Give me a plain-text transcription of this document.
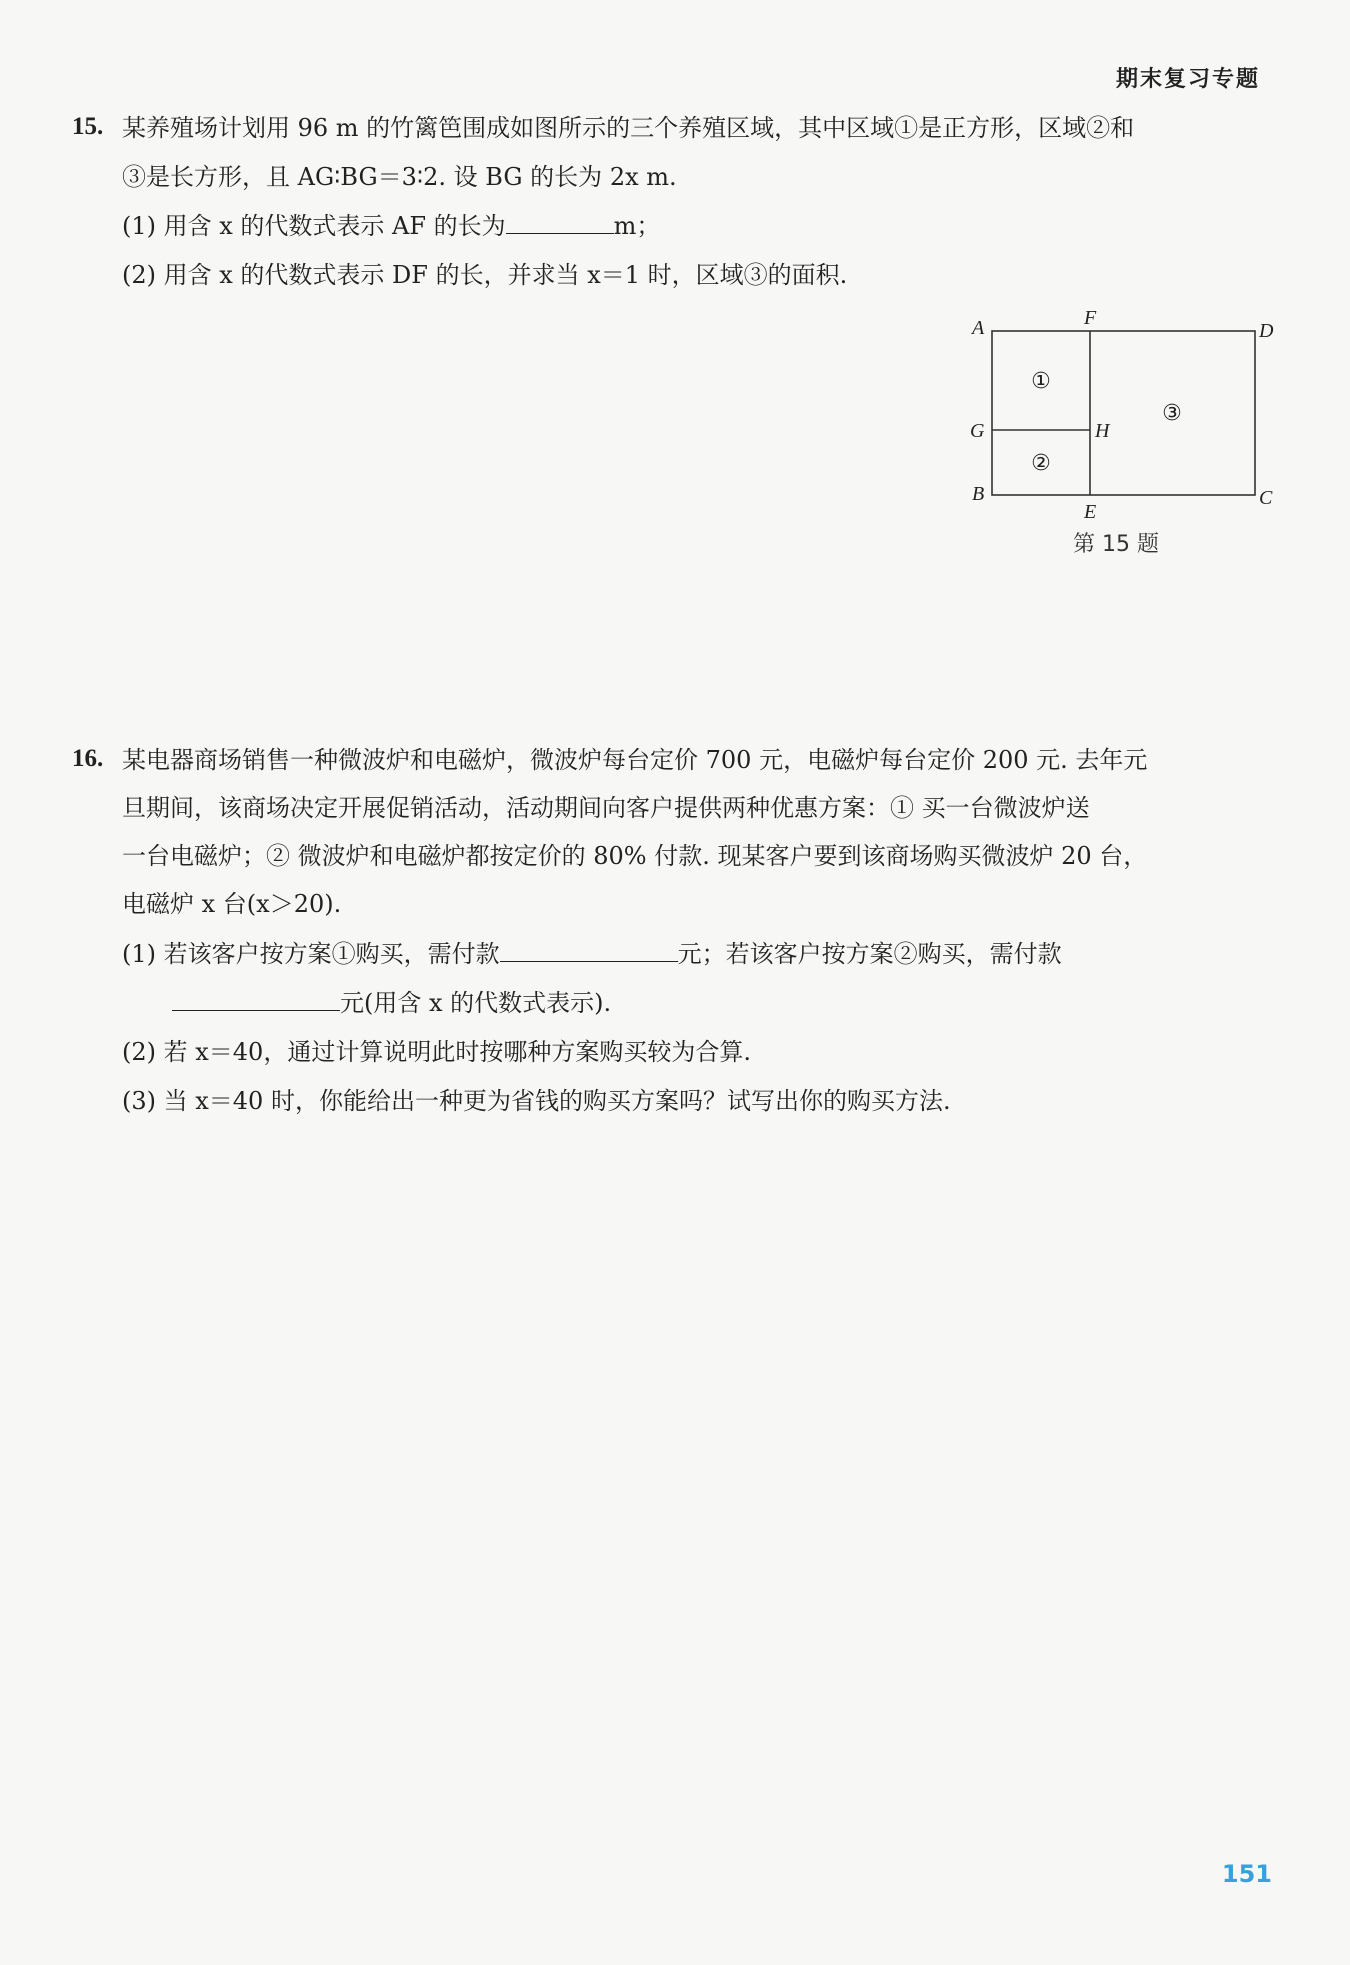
期末复习专题
15. 某养殖场计划用 96 m 的竹篱笆围成如图所示的三个养殖区域，其中区域①是正方形，区域②和
③是长方形，且 AG∶BG＝3∶2. 设 BG 的长为 2x m.
(1) 用含 x 的代数式表示 AF 的长为	m；
(2) 用含 x 的代数式表示 DF 的长，并求当 x＝1 时，区域③的面积.
A	F
D
G	H
B
E
C
①
②
③
第 15 题
16. 某电器商场销售一种微波炉和电磁炉，微波炉每台定价 700 元，电磁炉每台定价 200 元. 去年元
旦期间，该商场决定开展促销活动，活动期间向客户提供两种优惠方案：① 买一台微波炉送
一台电磁炉；② 微波炉和电磁炉都按定价的 80% 付款. 现某客户要到该商场购买微波炉 20 台，
电磁炉 x 台(x＞20).
(1) 若该客户按方案①购买，需付款	元；若该客户按方案②购买，需付款
元(用含 x 的代数式表示).
(2) 若 x＝40，通过计算说明此时按哪种方案购买较为合算.
(3) 当 x＝40 时，你能给出一种更为省钱的购买方案吗？试写出你的购买方法.
151
